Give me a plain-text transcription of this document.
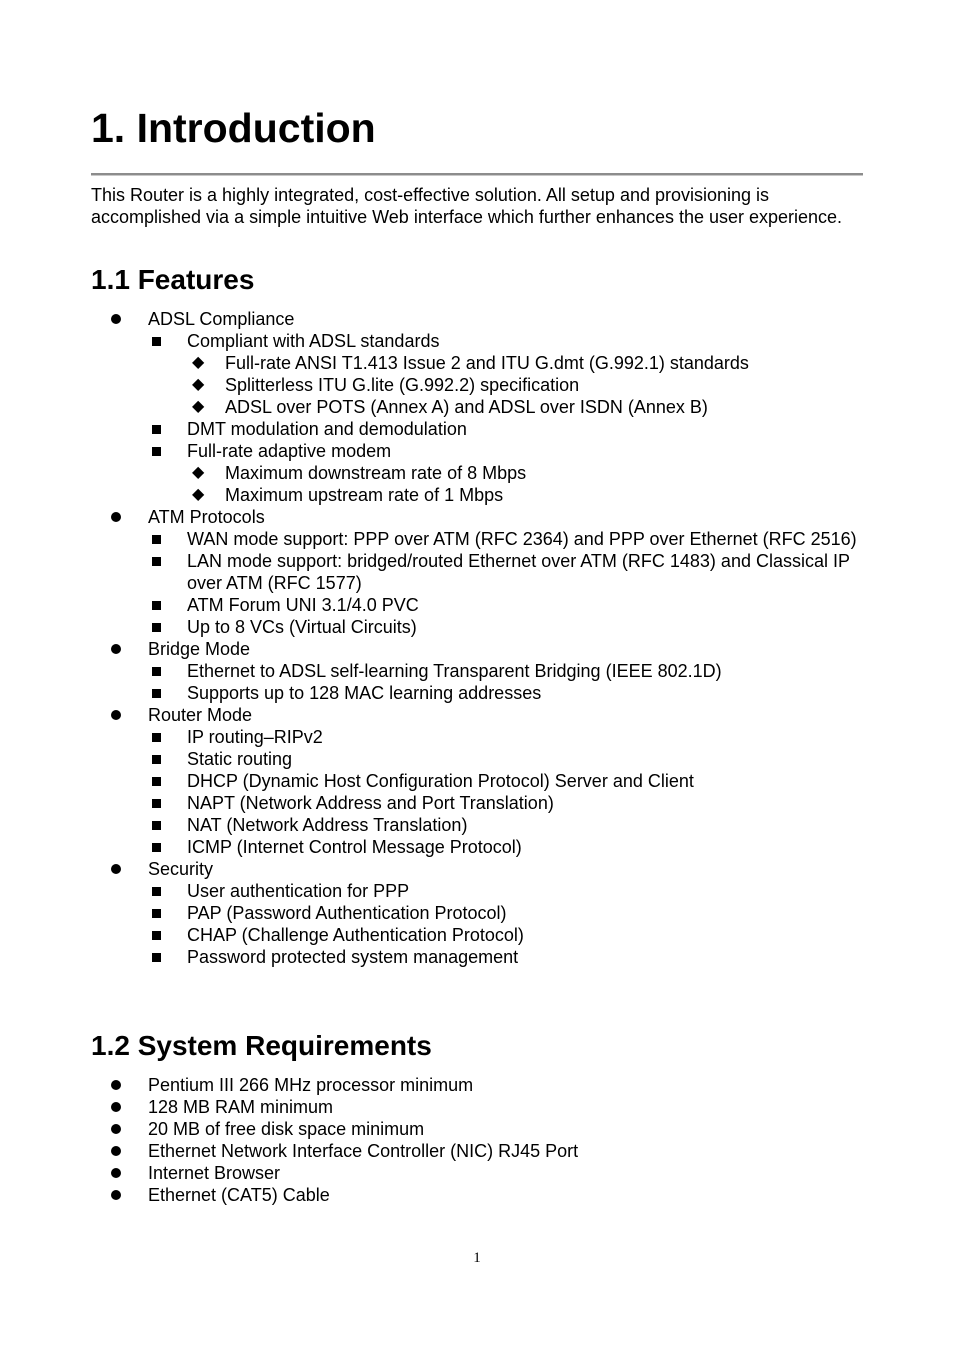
1. Introduction

This Router is a highly integrated, cost-effective solution. All setup and provisioning is accomplished via a simple intuitive Web interface which further enhances the user experience.

1.1 Features
ADSL Compliance
Compliant with ADSL standards
◆ Full-rate ANSI T1.413 Issue 2 and ITU G.dmt (G.992.1) standards
◆ Splitterless ITU G.lite (G.992.2) specification
◆ ADSL over POTS (Annex A) and ADSL over ISDN (Annex B)
DMT modulation and demodulation
Full-rate adaptive modem
◆ Maximum downstream rate of 8 Mbps
◆ Maximum upstream rate of 1 Mbps
ATM Protocols
WAN mode support: PPP over ATM (RFC 2364) and PPP over Ethernet (RFC 2516)
LAN mode support: bridged/routed Ethernet over ATM (RFC 1483) and Classical IP over ATM (RFC 1577)
ATM Forum UNI 3.1/4.0 PVC
Up to 8 VCs (Virtual Circuits)
Bridge Mode
Ethernet to ADSL self-learning Transparent Bridging (IEEE 802.1D)
Supports up to 128 MAC learning addresses
Router Mode
IP routing–RIPv2
Static routing
DHCP (Dynamic Host Configuration Protocol) Server and Client
NAPT (Network Address and Port Translation)
NAT (Network Address Translation)
ICMP (Internet Control Message Protocol)
Security
User authentication for PPP
PAP (Password Authentication Protocol)
CHAP (Challenge Authentication Protocol)
Password protected system management
1.2 System Requirements
Pentium III 266 MHz processor minimum
128 MB RAM minimum
20 MB of free disk space minimum
Ethernet Network Interface Controller (NIC) RJ45 Port
Internet Browser
Ethernet (CAT5) Cable
1
